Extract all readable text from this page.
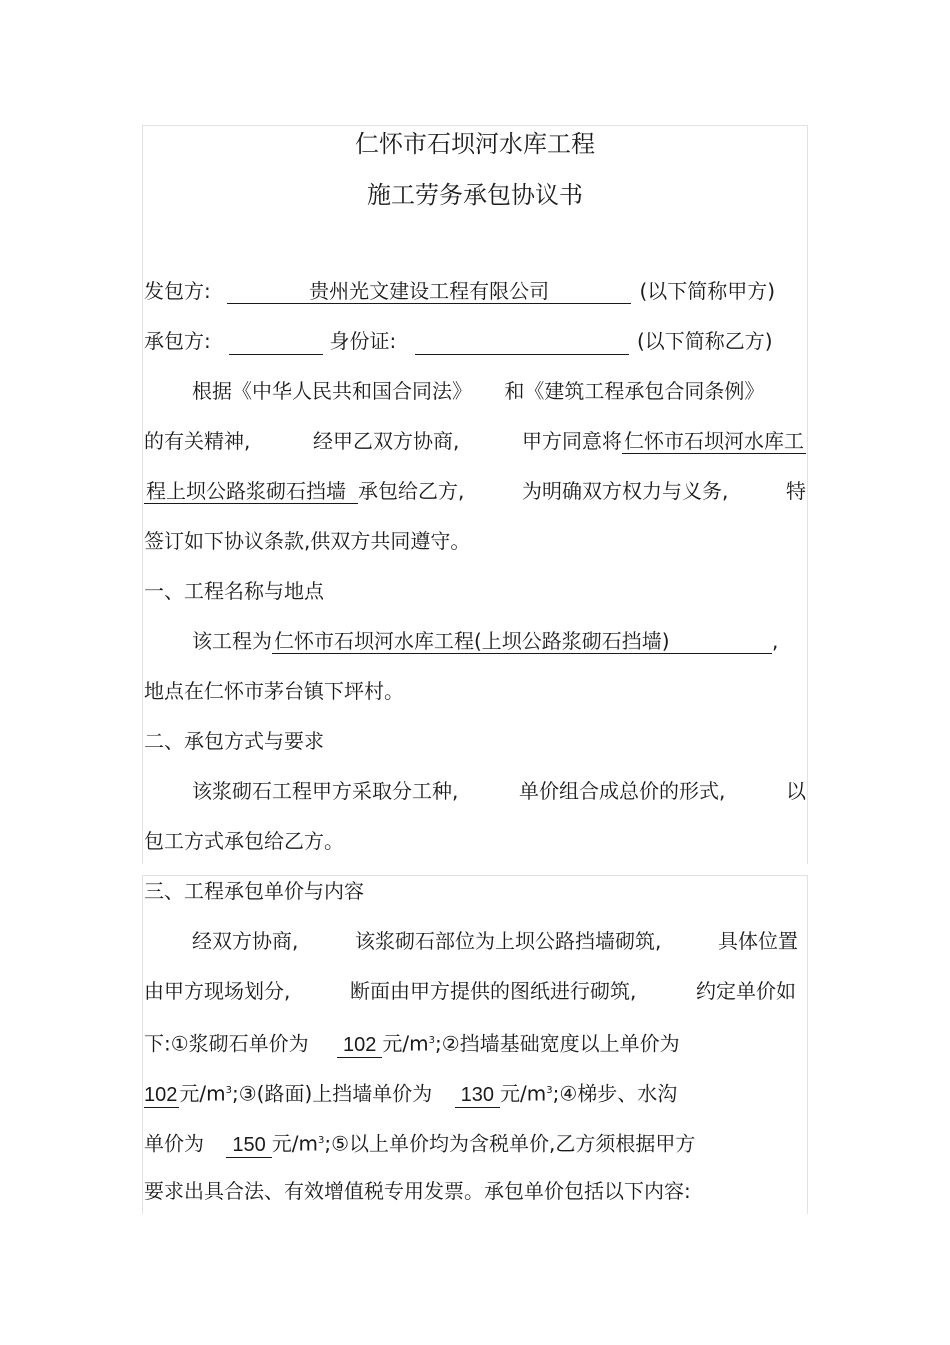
仁怀市石坝河水库工程
施工劳务承包协议书
发包方:	贵州光文建设工程有限公司	(以下简称甲方)
承包方:	身份证:	(以下简称乙方)
根据《中华人民共和国合同法》 和《建筑工程承包合同条例》
的有关精神,	经甲乙双方协商,	甲方同意将 仁怀市石坝河水库工
程上坝公路浆砌石挡墙 承包给乙方,	为明确双方权力与义务,	特
签订如下协议条款,供双方共同遵守。
一、工程名称与地点
该工程为 仁怀市石坝河水库工程(上坝公路浆砌石挡墙)	,
地点在仁怀市茅台镇下坪村。
二、承包方式与要求
该浆砌石工程甲方采取分工种,	单价组合成总价的形式,	以
包工方式承包给乙方。
三、工程承包单价与内容
经双方协商,	该浆砌石部位为上坝公路挡墙砌筑,	具体位置
由甲方现场划分,	断面由甲方提供的图纸进行砌筑,	约定单价如
下:①浆砌石单价为 102 元$/m^3;②$挡墙基础宽度以上单价为
102 元$/m^3;③$(路面)上挡墙单价为 130 元$/m^3;④$梯步、水沟
单价为 150 元$/m^3;⑤$以上单价均为含税单价,乙方须根据甲方
要求出具合法、有效增值税专用发票。承包单价包括以下内容:
